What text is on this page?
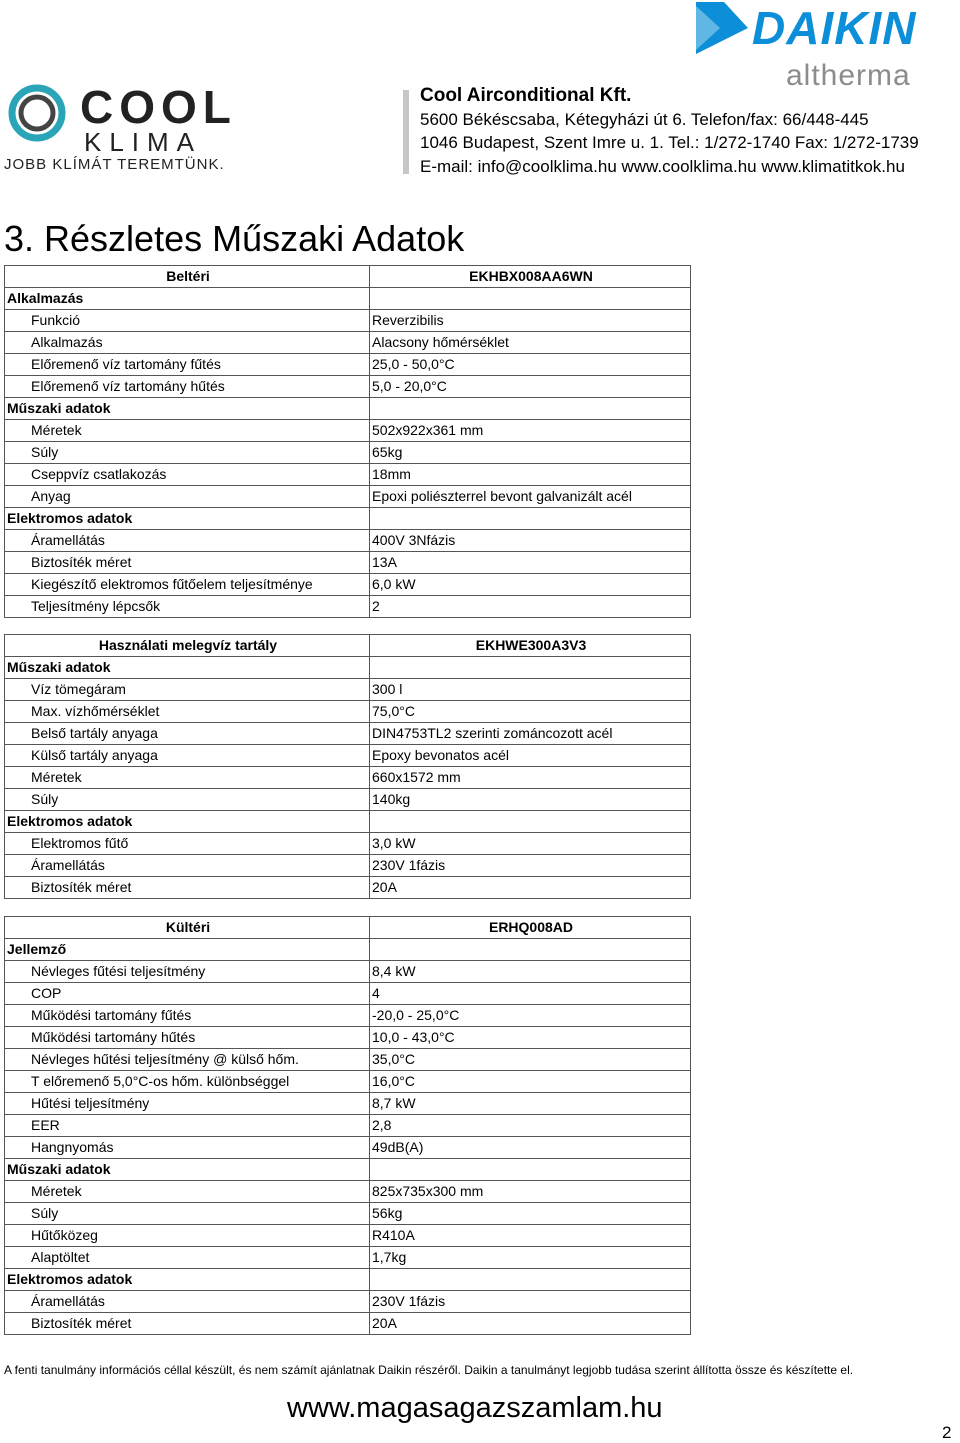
DAIKIN
altherma
COOL
KLIMA
JOBB KLÍMÁT TEREMTÜNK.
Cool Airconditional Kft.
5600 Békéscsaba, Kétegyházi út 6. Telefon/fax: 66/448-445
1046 Budapest, Szent Imre u. 1. Tel.: 1/272-1740 Fax: 1/272-1739
E-mail: info@coolklima.hu www.coolklima.hu www.klimatitkok.hu
3. Részletes Műszaki Adatok
Beltéri	EKHBX008AA6WN
Alkalmazás	
Funkció	Reverzibilis
Alkalmazás	Alacsony hőmérséklet
Előremenő víz tartomány fűtés	25,0 - 50,0°C
Előremenő víz tartomány hűtés	5,0 - 20,0°C
Műszaki adatok	
Méretek	502x922x361 mm
Súly	65kg
Cseppvíz csatlakozás	18mm
Anyag	Epoxi poliészterrel bevont galvanizált acél
Elektromos adatok	
Áramellátás	400V 3Nfázis
Biztosíték méret	13A
Kiegészítő elektromos fűtőelem teljesítménye	6,0 kW
Teljesítmény lépcsők	2
Használati melegvíz tartály	EKHWE300A3V3
Műszaki adatok	
Víz tömegáram	300 l
Max. vízhőmérséklet	75,0°C
Belső tartály anyaga	DIN4753TL2 szerinti zománcozott acél
Külső tartály anyaga	Epoxy bevonatos acél
Méretek	660x1572 mm
Súly	140kg
Elektromos adatok	
Elektromos fűtő	3,0 kW
Áramellátás	230V 1fázis
Biztosíték méret	20A
Kültéri	ERHQ008AD
Jellemző	
Névleges fűtési teljesítmény	8,4 kW
COP	4
Működési tartomány fűtés	-20,0 - 25,0°C
Működési tartomány hűtés	10,0 - 43,0°C
Névleges hűtési teljesítmény @ külső hőm.	35,0°C
T előremenő 5,0°C-os hőm. különbséggel	16,0°C
Hűtési teljesítmény	8,7 kW
EER	2,8
Hangnyomás	49dB(A)
Műszaki adatok	
Méretek	825x735x300 mm
Súly	56kg
Hűtőközeg	R410A
Alaptöltet	1,7kg
Elektromos adatok	
Áramellátás	230V 1fázis
Biztosíték méret	20A
A fenti tanulmány információs céllal készült, és nem számít ajánlatnak Daikin részéről. Daikin a tanulmányt legjobb tudása szerint állította össze és készítette el.
www.magasagazszamlam.hu
2
